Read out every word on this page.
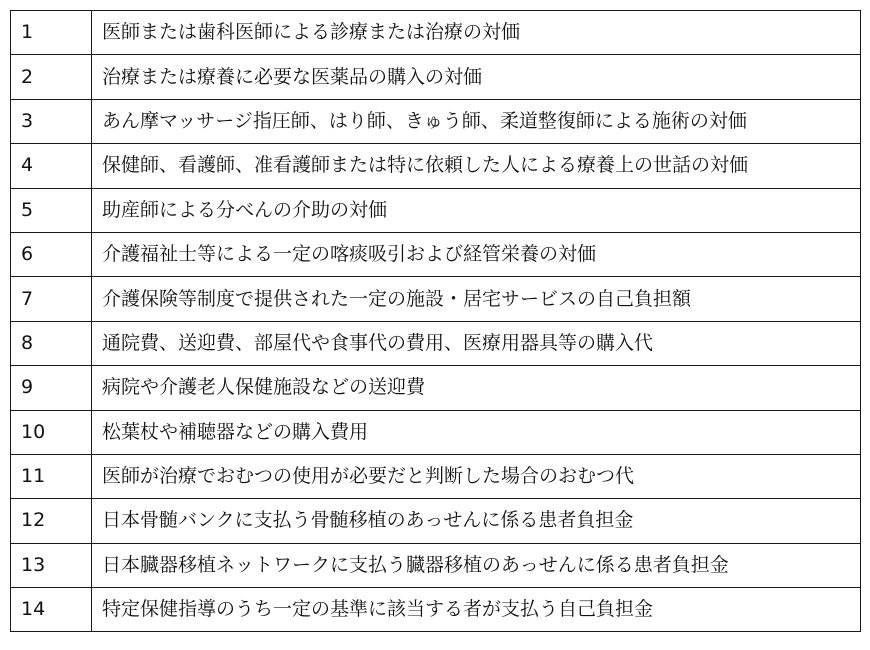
1	医師または歯科医師による診療または治療の対価
2	治療または療養に必要な医薬品の購入の対価
3	あん摩マッサージ指圧師、はり師、きゅう師、柔道整復師による施術の対価
4	保健師、看護師、准看護師または特に依頼した人による療養上の世話の対価
5	助産師による分べんの介助の対価
6	介護福祉士等による一定の喀痰吸引および経管栄養の対価
7	介護保険等制度で提供された一定の施設・居宅サービスの自己負担額
8	通院費、送迎費、部屋代や食事代の費用、医療用器具等の購入代
9	病院や介護老人保健施設などの送迎費
10	松葉杖や補聴器などの購入費用
11	医師が治療でおむつの使用が必要だと判断した場合のおむつ代
12	日本骨髄バンクに支払う骨髄移植のあっせんに係る患者負担金
13	日本臓器移植ネットワークに支払う臓器移植のあっせんに係る患者負担金
14	特定保健指導のうち一定の基準に該当する者が支払う自己負担金
